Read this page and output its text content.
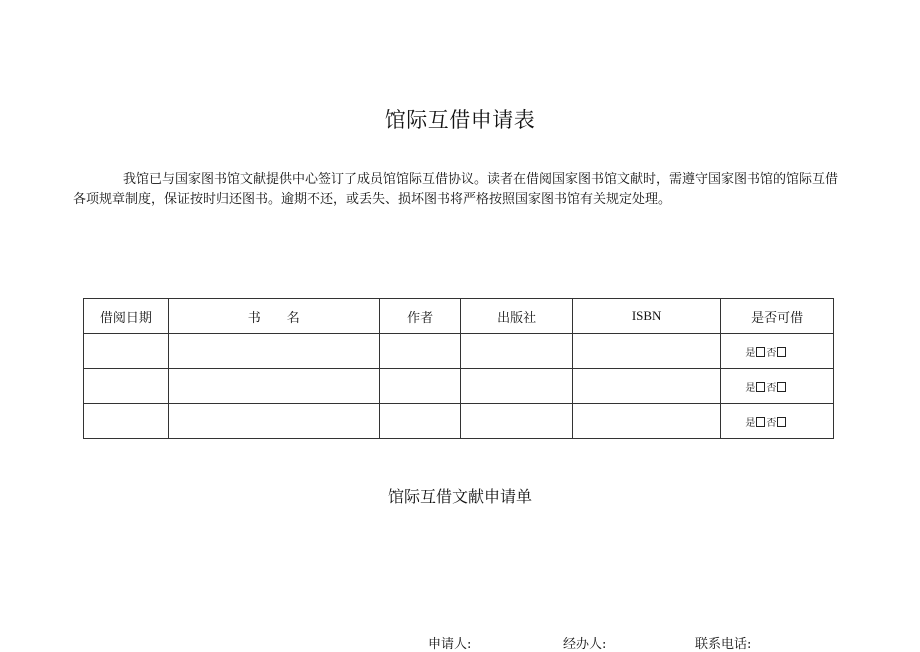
馆际互借申请表

我馆已与国家图书馆文献提供中心签订了成员馆馆际互借协议。读者在借阅国家图书馆文献时，需遵守国家图书馆的馆际互借各项规章制度，保证按时归还图书。逾期不还，或丢失、损坏图书将严格按照国家图书馆有关规定处理。

借阅日期	书　　名	作者	出版社	ISBN	是否可借
					是 否
					是 否
					是 否
馆际互借文献申请单
申请人:	经办人:	联系电话:
